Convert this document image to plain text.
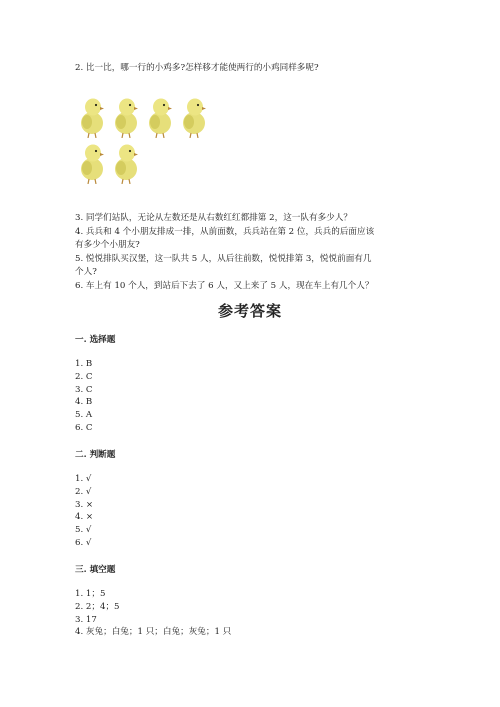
2. 比一比，哪一行的小鸡多?怎样移才能使两行的小鸡同样多呢?
3. 同学们站队，无论从左数还是从右数红红都排第 2，这一队有多少人？
4. 兵兵和 4 个小朋友排成一排，从前面数，兵兵站在第 2 位，兵兵的后面应该
有多少个小朋友?
5. 悦悦排队买汉堡，这一队共 5 人，从后往前数，悦悦排第 3，悦悦前面有几
个人?
6. 车上有 10 个人，到站后下去了 6 人，又上来了 5 人，现在车上有几个人？
参考答案
一. 选择题
1. B
2. C
3. C
4. B
5. A
6. C
二. 判断题
1. √
2. √
3. ×
4. ×
5. √
6. √
三. 填空题
1. 1；5
2. 2；4；5
3. 17
4. 灰兔；白兔；1 只；白兔；灰兔；1 只
